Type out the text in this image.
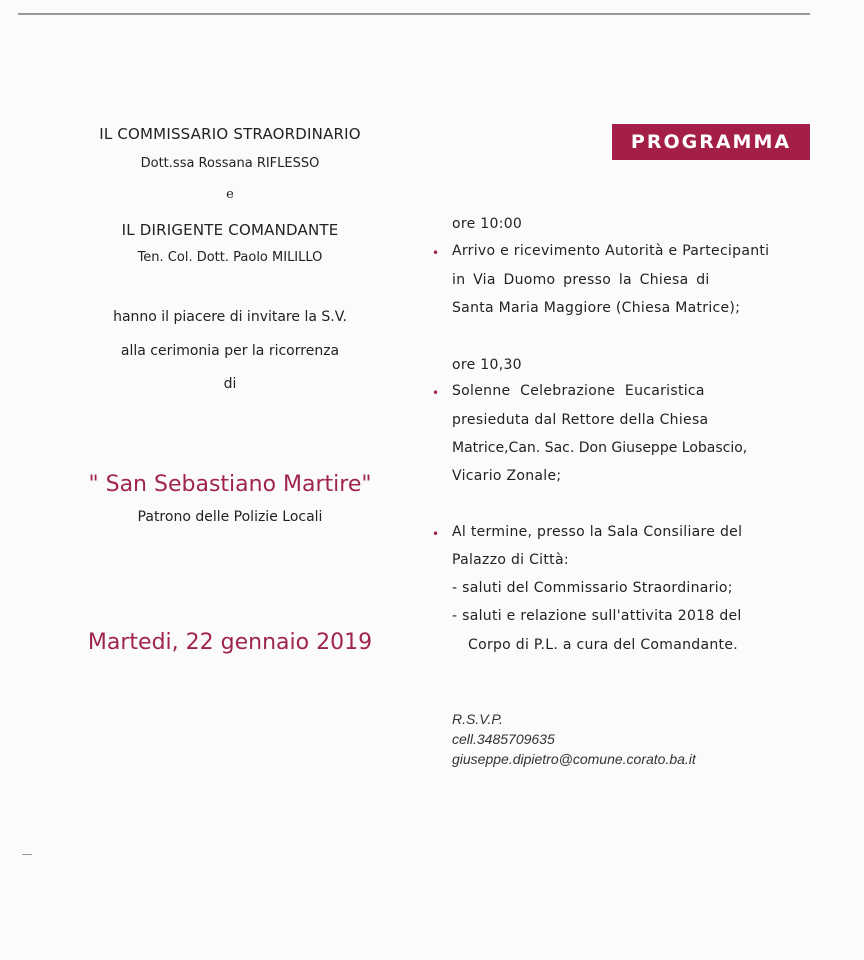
IL COMMISSARIO STRAORDINARIO
Dott.ssa Rossana RIFLESSO
e
IL DIRIGENTE COMANDANTE
Ten. Col. Dott. Paolo MILILLO
hanno il piacere di invitare la S.V.
alla cerimonia per la ricorrenza
di
" San Sebastiano Martire"
Patrono delle Polizie Locali
Martedi, 22 gennaio 2019
PROGRAMMA
ore 10:00
• Arrivo e ricevimento Autorità e Partecipanti
in Via Duomo presso la Chiesa di
Santa Maria Maggiore (Chiesa Matrice);
ore 10,30
• Solenne Celebrazione Eucaristica
presieduta dal Rettore della Chiesa
Matrice,Can. Sac. Don Giuseppe Lobascio,
Vicario Zonale;
• Al termine, presso la Sala Consiliare del
Palazzo di Città:
- saluti del Commissario Straordinario;
- saluti e relazione sull'attivita 2018 del
Corpo di P.L. a cura del Comandante.
R.S.V.P.
cell.3485709635
giuseppe.dipietro@comune.corato.ba.it
